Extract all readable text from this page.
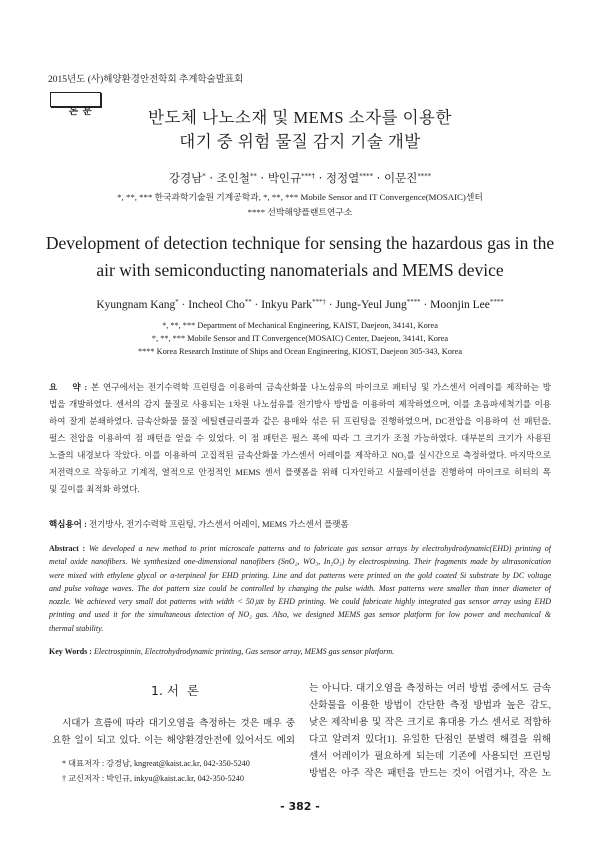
2015년도 (사)해양환경안전학회 추계학술발표회

논  문
	반도체 나노소재 및 MEMS 소자를 이용한
대기 중 위험 물질 감지 기술 개발
강경남* · 조인철** · 박인규***† · 정정열**** · 이문진****
*, **, *** 한국과학기술원 기계공학과, *, **, *** Mobile Sensor and IT Convergence(MOSAIC)센터
**** 선박해양플랜트연구소
Development of detection technique for sensing the hazardous gas in the
air with semiconducting nanomaterials and MEMS device
Kyungnam Kang* · Incheol Cho** · Inkyu Park***† · Jung-Yeul Jung**** · Moonjin Lee****
*, **, *** Department of Mechanical Engineering, KAIST, Daejeon, 34141, Korea
*, **, *** Mobile Sensor and IT Convergence(MOSAIC) Center, Daejeon, 34141, Korea
**** Korea Research Institute of Ships and Ocean Engineering, KIOST, Daejeon 305-343, Korea
요    약 : 본 연구에서는 전기수력학 프린팅을 이용하여 금속산화물 나노섬유의 마이크로 패터닝 및 가스센서 어레이를 제작하는 방
법을 개발하였다. 센서의 감지 물질로 사용되는 1차원 나노섬유를 전기방사 방법을 이용하여 제작하였으며, 이를 초음파세척기를 이용
하여 잘게 분쇄하였다. 금속산화물 물질 에틸렌글리콜과 같은 용매와 섞은 뒤 프린팅을 진행하였으며, DC전압을 이용하여 선 패턴을,
펄스 전압을 이용하여 점 패턴을 얻을 수 있었다. 이 점 패턴은 펄스 폭에 따라 그 크기가 조절 가능하였다. 대부분의 크기가 사용된
노즐의 내경보다 작았다. 이를 이용하여 고집적된 금속산화물 가스센서 어레이를 제작하고 NO₂를 실시간으로 측정하였다. 마지막으로
저전력으로 작동하고 기계적, 열적으로 안정적인 MEMS 센서 플랫폼을 위해 디자인하고 시뮬레이션을 진행하여 마이크로 히터의 폭
및 길이를 최적화 하였다.
핵심용어 : 전기방사, 전기수력학 프린팅, 가스센서 어레이, MEMS 가스센서 플랫폼
Abstract : We developed a new method to print microscale patterns and to fabricate gas sensor arrays by electrohydrodynamic(EHD) printing of
metal oxide nanofibers. We synthesized one-dimensional nanofibers (SnO₂, WO₃, In₂O₃) by electrospinning. Their fragments made by ultrasonication
were mixed with ethylene glycol or α-terpineol for EHD printing. Line and dot patterns were printed on the gold coated Si substrate by DC voltage
and pulse voltage waves. The dot pattern size could be controlled by changing the pulse width. Most patterns were smaller than inner diameter of
nozzle. We achieved very small dot patterns with width < 50㎛ by EHD printing. We could fabricate highly integrated gas sensor array using EHD
printing and used it for the simultaneous detection of NO₂ gas. Also, we designed MEMS gas sensor platform for low power and mechanical &
thermal stability.
Key Words : Electrospinnin, Electrohydrodynamic printing, Gas sensor array, MEMS gas sensor platform.
1. 서  론
시대가 흐름에 따라 대기오염을 측정하는 것은 매우 중
요한 일이 되고 있다. 이는 해양환경안전에 있어서도 예외
는 아니다. 대기오염을 측정하는 여러 방법 중에서도 금속
산화물을 이용한 방법이 간단한 측정 방법과 높은 감도,
낮은 제작비용 및 작은 크기로 휴대용 가스 센서로 적합하
다고 알려져 있다[1]. 유일한 단점인 분별력 해결을 위해
센서 어레이가 필요하게 되는데 기존에 사용되던 프린팅
방법은 아주 작은 패턴을 만드는 것이 어렵거나, 작은 노
* 대표저자 : 강경남, kngreat@kaist.ac.kr, 042-350-5240
† 교신저자 : 박인규, inkyu@kaist.ac.kr, 042-350-5240
- 382 -
